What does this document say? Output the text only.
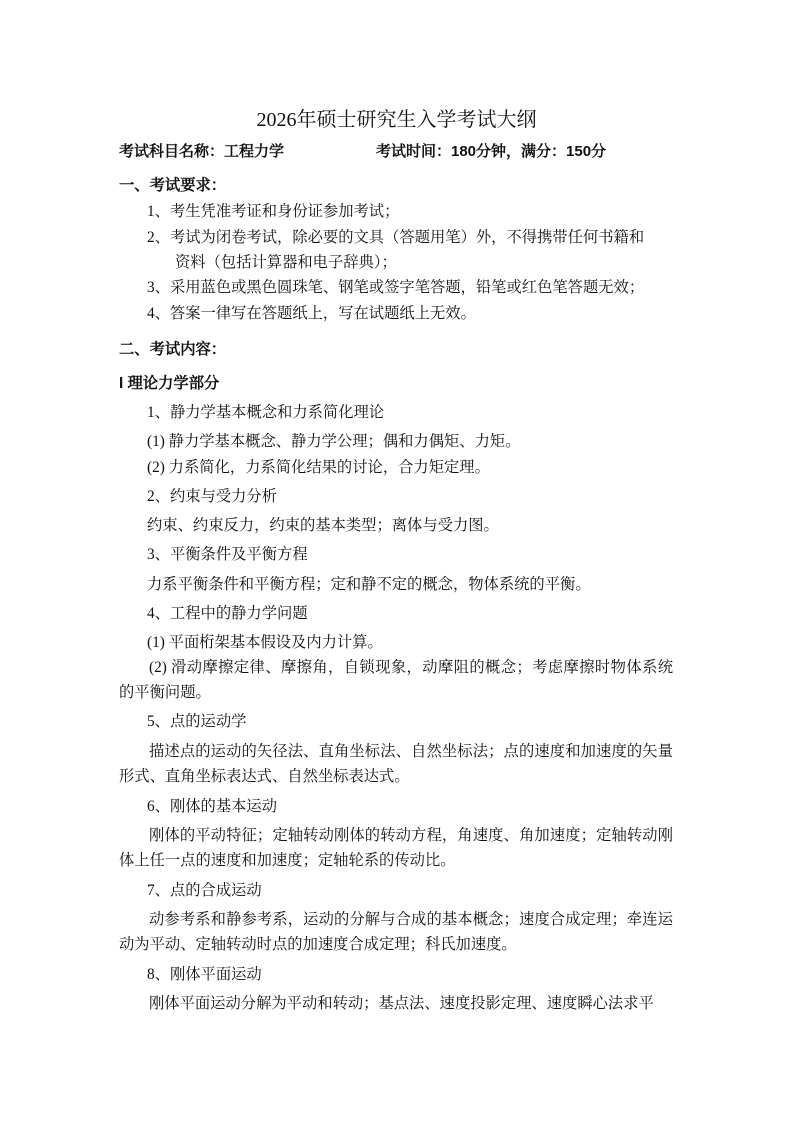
2026年硕士研究生入学考试大纲
考试科目名称：工程力学	考试时间：180分钟，满分：150分
一、考试要求：
1、考生凭准考证和身份证参加考试；
2、考试为闭卷考试，除必要的文具（答题用笔）外，不得携带任何书籍和
资料（包括计算器和电子辞典）；
3、采用蓝色或黑色圆珠笔、钢笔或签字笔答题，铅笔或红色笔答题无效；
4、答案一律写在答题纸上，写在试题纸上无效。
二、考试内容：
I 理论力学部分
1、静力学基本概念和力系简化理论
(1) 静力学基本概念、静力学公理；偶和力偶矩、力矩。
(2) 力系简化，力系简化结果的讨论，合力矩定理。
2、约束与受力分析
约束、约束反力，约束的基本类型；离体与受力图。
3、平衡条件及平衡方程
力系平衡条件和平衡方程；定和静不定的概念，物体系统的平衡。
4、工程中的静力学问题
(1) 平面桁架基本假设及内力计算。
(2) 滑动摩擦定律、摩擦角，自锁现象，动摩阻的概念；考虑摩擦时物体系统的平衡问题。
5、点的运动学
描述点的运动的矢径法、直角坐标法、自然坐标法；点的速度和加速度的矢量形式、直角坐标表达式、自然坐标表达式。
6、刚体的基本运动
刚体的平动特征；定轴转动刚体的转动方程，角速度、角加速度；定轴转动刚体上任一点的速度和加速度；定轴轮系的传动比。
7、点的合成运动
动参考系和静参考系，运动的分解与合成的基本概念；速度合成定理；牵连运动为平动、定轴转动时点的加速度合成定理；科氏加速度。
8、刚体平面运动
刚体平面运动分解为平动和转动；基点法、速度投影定理、速度瞬心法求平
